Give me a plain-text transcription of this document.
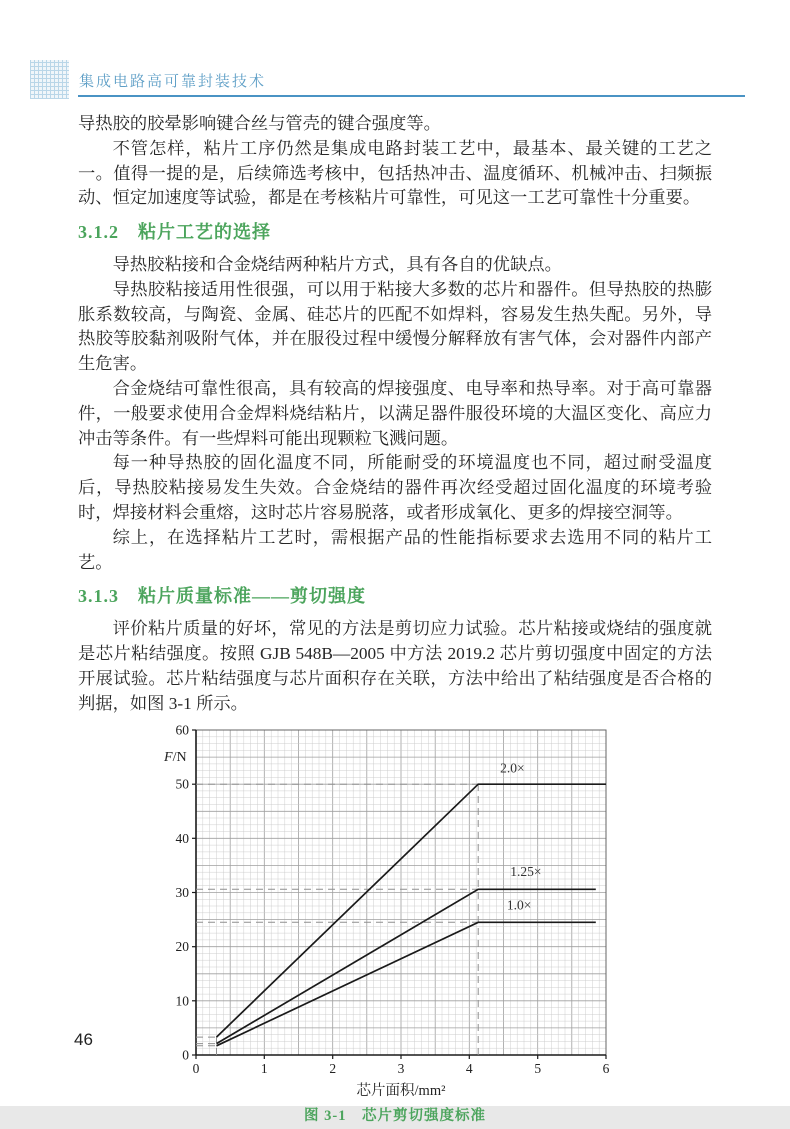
集成电路高可靠封装技术

导热胶的胶晕影响键合丝与管壳的键合强度等。

不管怎样，粘片工序仍然是集成电路封装工艺中，最基本、最关键的工艺之一。值得一提的是，后续筛选考核中，包括热冲击、温度循环、机械冲击、扫频振动、恒定加速度等试验，都是在考核粘片可靠性，可见这一工艺可靠性十分重要。

3.1.2　粘片工艺的选择

导热胶粘接和合金烧结两种粘片方式，具有各自的优缺点。

导热胶粘接适用性很强，可以用于粘接大多数的芯片和器件。但导热胶的热膨胀系数较高，与陶瓷、金属、硅芯片的匹配不如焊料，容易发生热失配。另外，导热胶等胶黏剂吸附气体，并在服役过程中缓慢分解释放有害气体，会对器件内部产生危害。

合金烧结可靠性很高，具有较高的焊接强度、电导率和热导率。对于高可靠器件，一般要求使用合金焊料烧结粘片，以满足器件服役环境的大温区变化、高应力冲击等条件。有一些焊料可能出现颗粒飞溅问题。

每一种导热胶的固化温度不同，所能耐受的环境温度也不同，超过耐受温度后，导热胶粘接易发生失效。合金烧结的器件再次经受超过固化温度的环境考验时，焊接材料会重熔，这时芯片容易脱落，或者形成氧化、更多的焊接空洞等。

综上，在选择粘片工艺时，需根据产品的性能指标要求去选用不同的粘片工艺。

3.1.3　粘片质量标准——剪切强度

评价粘片质量的好坏，常见的方法是剪切应力试验。芯片粘接或烧结的强度就是芯片粘结强度。按照 GJB 548B—2005 中方法 2019.2 芯片剪切强度中固定的方法开展试验。芯片粘结强度与芯片面积存在关联，方法中给出了粘结强度是否合格的判据，如图 3-1 所示。

2.0×
1.25×
1.0×
0	1	2	3	4	5	6
0
10
20
30
40
50
60
F/N
芯片面积/mm²
图 3-1　芯片剪切强度标准
46
